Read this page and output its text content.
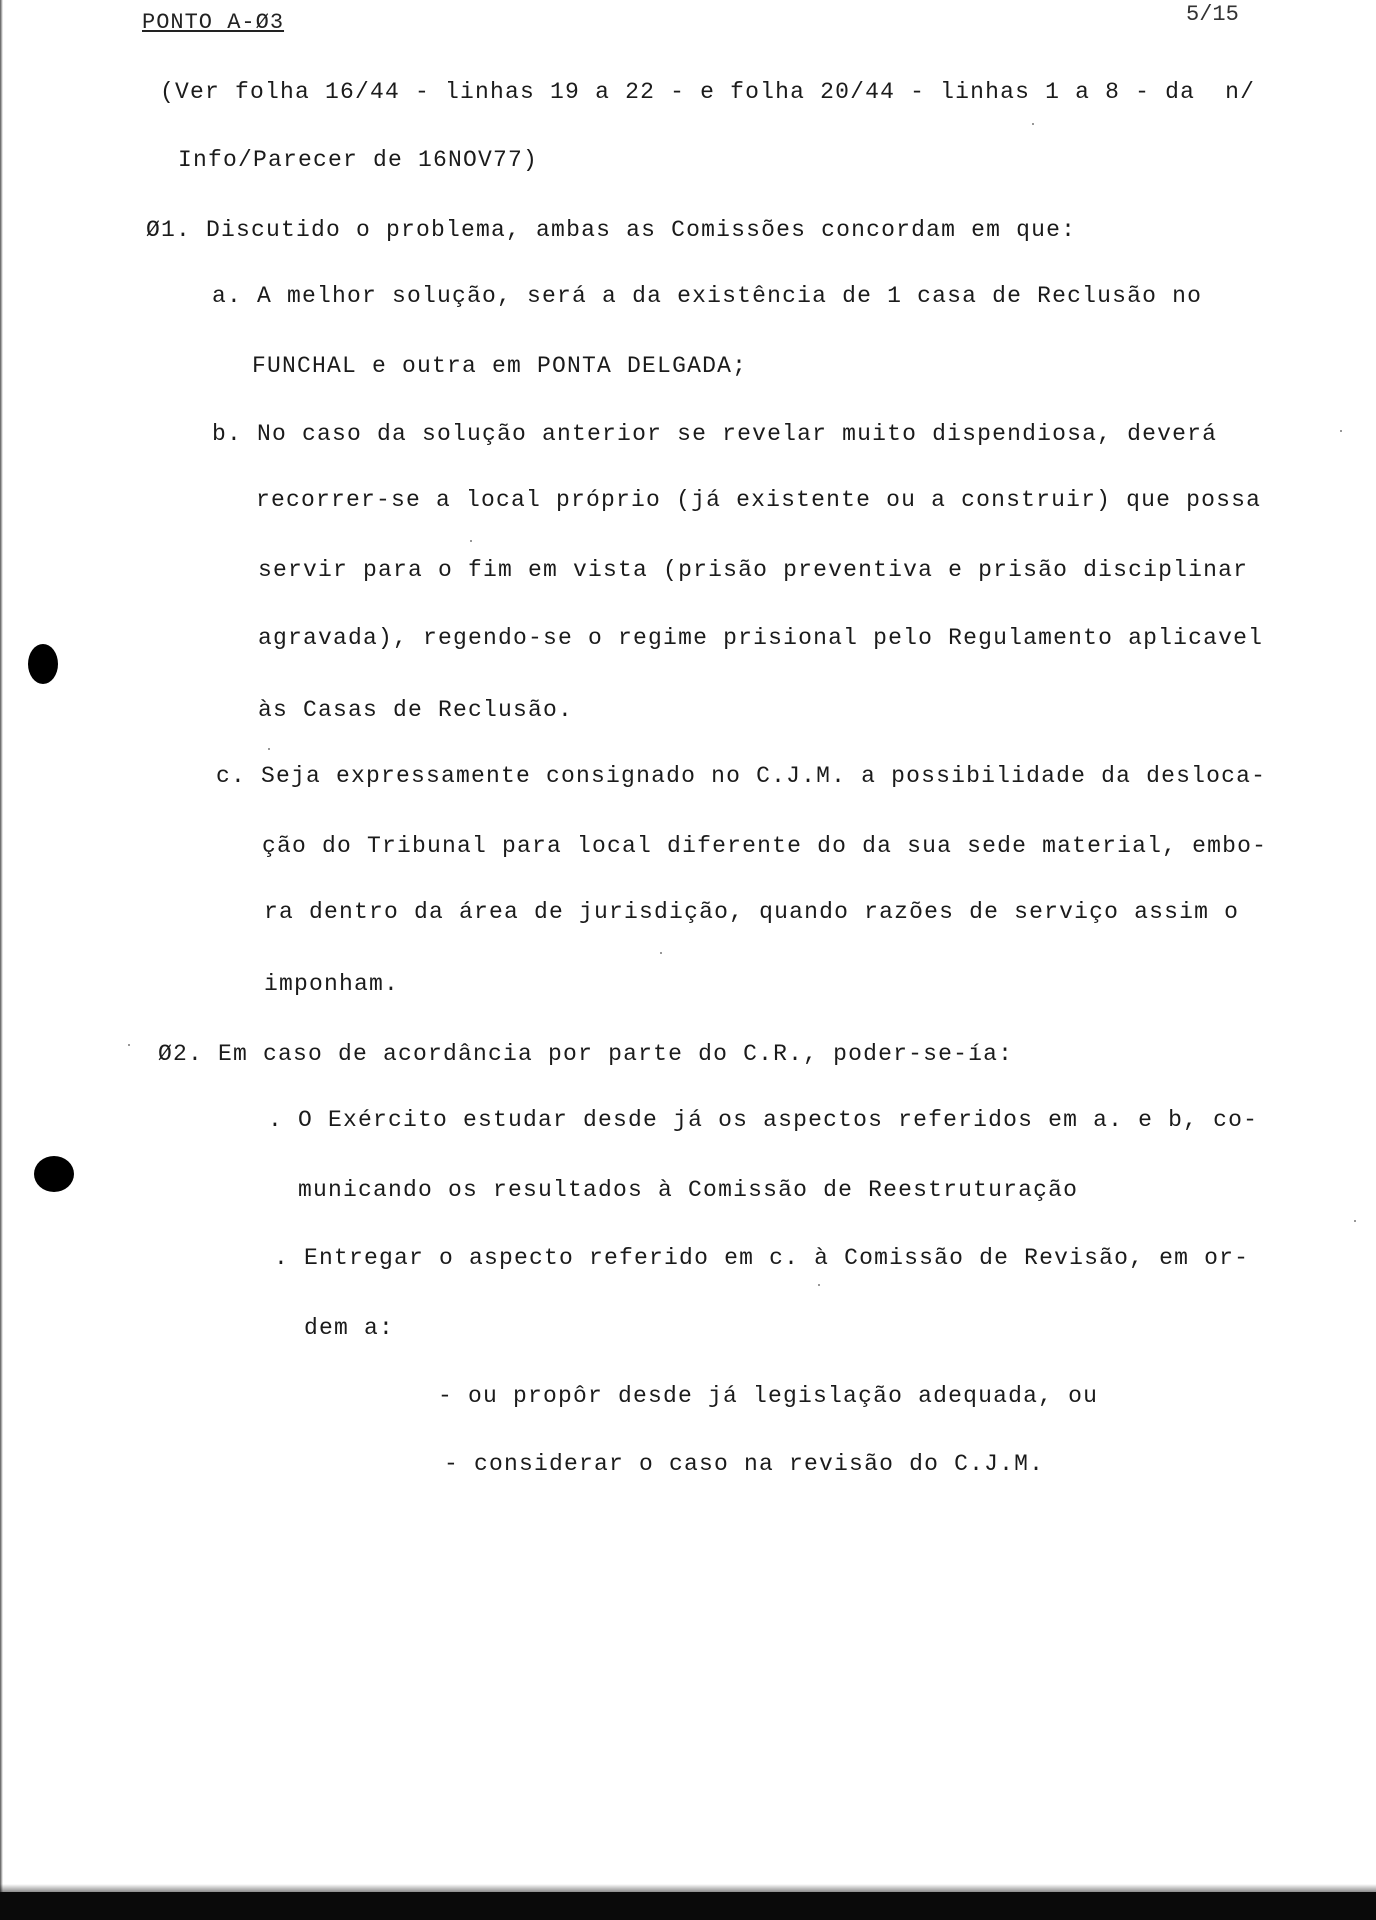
PONTO A-Ø3	5/15
(Ver folha 16/44 - linhas 19 a 22 - e folha 20/44 - linhas 1 a 8 - da  n/
Info/Parecer de 16NOV77)
Ø1. Discutido o problema, ambas as Comissões concordam em que:
a. A melhor solução, será a da existência de 1 casa de Reclusão no
FUNCHAL e outra em PONTA DELGADA;
b. No caso da solução anterior se revelar muito dispendiosa, deverá
recorrer-se a local próprio (já existente ou a construir) que possa
servir para o fim em vista (prisão preventiva e prisão disciplinar
agravada), regendo-se o regime prisional pelo Regulamento aplicavel
às Casas de Reclusão.
c. Seja expressamente consignado no C.J.M. a possibilidade da desloca-
ção do Tribunal para local diferente do da sua sede material, embo-
ra dentro da área de jurisdição, quando razões de serviço assim o
imponham.
Ø2. Em caso de acordância por parte do C.R., poder-se-ía:
. O Exército estudar desde já os aspectos referidos em a. e b, co-
municando os resultados à Comissão de Reestruturação
. Entregar o aspecto referido em c. à Comissão de Revisão, em or-
dem a:
- ou propôr desde já legislação adequada, ou
- considerar o caso na revisão do C.J.M.
